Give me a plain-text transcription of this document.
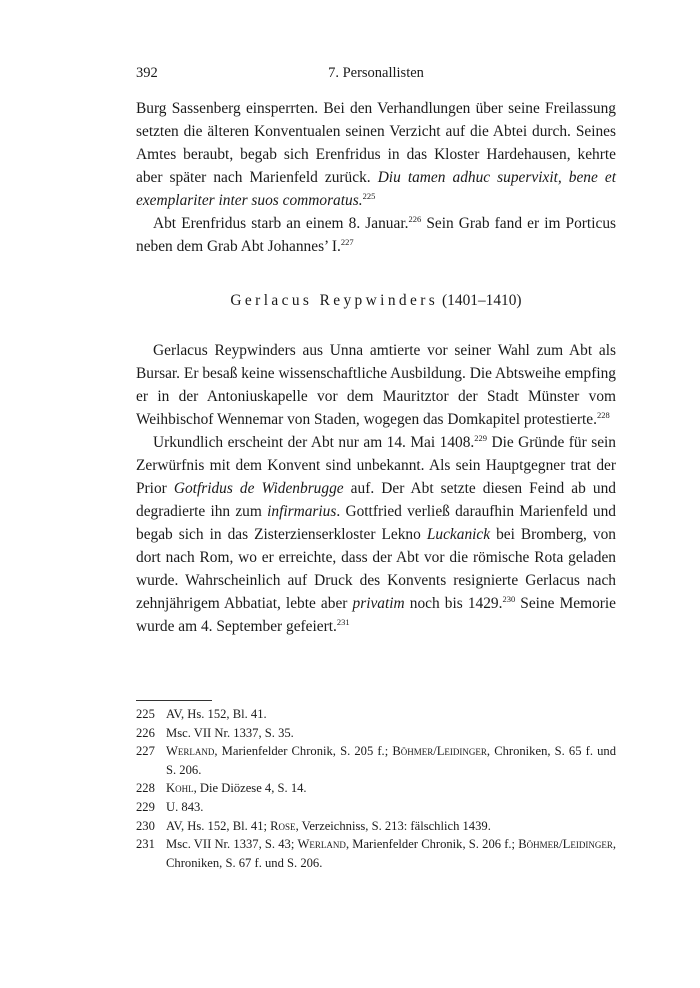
392	7. Personallisten

Burg Sassenberg einsperrten. Bei den Verhandlungen über seine Freilassung setzten die älteren Konventualen seinen Verzicht auf die Abtei durch. Seines Amtes beraubt, begab sich Erenfridus in das Kloster Hardehausen, kehrte aber später nach Marienfeld zurück. Diu tamen adhuc supervixit, bene et exemplariter inter suos commoratus.$^{225}$

Abt Erenfridus starb an einem 8. Januar.$^{226}$ Sein Grab fand er im Porticus neben dem Grab Abt Johannes’ I.$^{227}$

Gerlacus Reypwinders (1401–1410)

Gerlacus Reypwinders aus Unna amtierte vor seiner Wahl zum Abt als Bursar. Er besaß keine wissenschaftliche Ausbildung. Die Abtsweihe empfing er in der Antoniuskapelle vor dem Mauritztor der Stadt Münster vom Weihbischof Wennemar von Staden, wogegen das Domkapitel protestierte.$^{228}$

Urkundlich erscheint der Abt nur am 14. Mai 1408.$^{229}$ Die Gründe für sein Zerwürfnis mit dem Konvent sind unbekannt. Als sein Hauptgegner trat der Prior Gotfridus de Widenbrugge auf. Der Abt setzte diesen Feind ab und degradierte ihn zum infirmarius. Gottfried verließ daraufhin Marienfeld und begab sich in das Zisterzienserkloster Lekno Luckanick bei Bromberg, von dort nach Rom, wo er erreichte, dass der Abt vor die römische Rota geladen wurde. Wahrscheinlich auf Druck des Konvents resignierte Gerlacus nach zehnjährigem Abbatiat, lebte aber privatim noch bis 1429.$^{230}$ Seine Memorie wurde am 4. September gefeiert.$^{231}$

225 AV, Hs. 152, Bl. 41.
226 Msc. VII Nr. 1337, S. 35.
227 Werland, Marienfelder Chronik, S. 205 f.; Böhmer/Leidinger, Chroniken, S. 65 f. und S. 206.
228 Kohl, Die Diözese 4, S. 14.
229 U. 843.
230 AV, Hs. 152, Bl. 41; Rose, Verzeichniss, S. 213: fälschlich 1439.
231 Msc. VII Nr. 1337, S. 43; Werland, Marienfelder Chronik, S. 206 f.; Böhmer/Leidinger, Chroniken, S. 67 f. und S. 206.
